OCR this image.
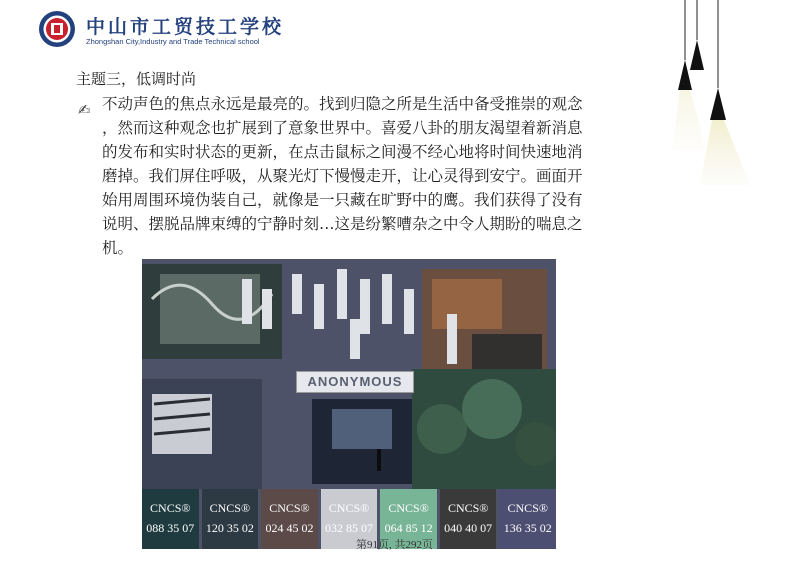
中山市工贸技工学校
Zhongshan City,Industry and Trade Technical school
主题三，低调时尚
✍ 不动声色的焦点永远是最亮的。找到归隐之所是生活中备受推崇的观念
，然而这种观念也扩展到了意象世界中。喜爱八卦的朋友渴望着新消息
的发布和实时状态的更新，在点击鼠标之间漫不经心地将时间快速地消
磨掉。我们屏住呼吸，从聚光灯下慢慢走开，让心灵得到安宁。画面开
始用周围环境伪装自己，就像是一只藏在旷野中的鹰。我们获得了没有
说明、摆脱品牌束缚的宁静时刻…这是纷繁嘈杂之中令人期盼的喘息之
机。
ANONYMOUS
CNCS®
088 35 07
CNCS®
120 35 02
CNCS®
024 45 02
CNCS®
032 85 07
CNCS®
064 85 12
CNCS®
040 40 07
CNCS®
136 35 02
第91页, 共292页
